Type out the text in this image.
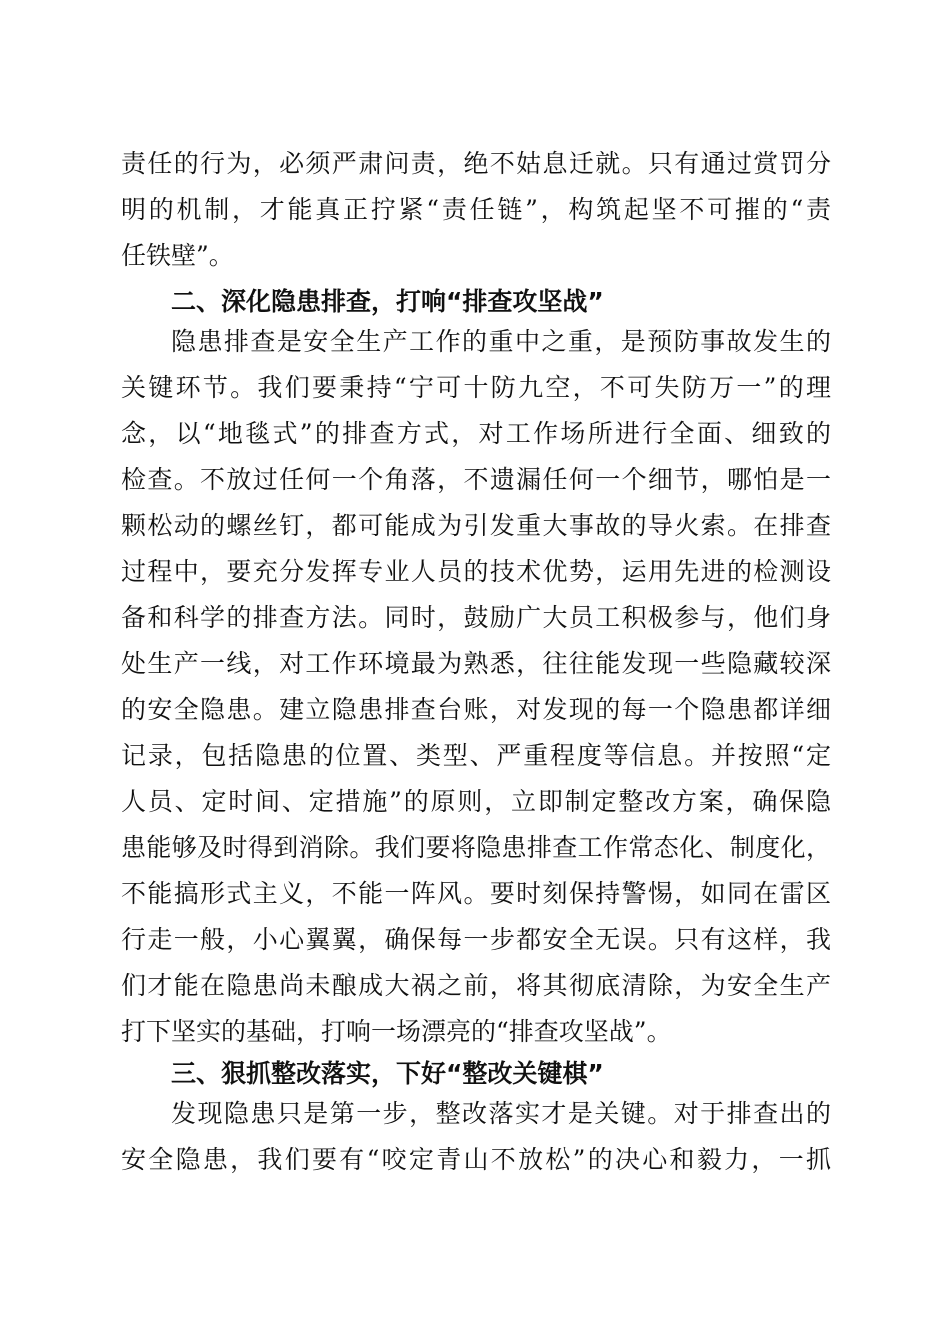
责任的行为，必须严肃问责，绝不姑息迁就。只有通过赏罚分
明的机制，才能真正拧紧“责任链”，构筑起坚不可摧的“责
任铁壁”。
二、深化隐患排查，打响“排查攻坚战”
隐患排查是安全生产工作的重中之重，是预防事故发生的
关键环节。我们要秉持“宁可十防九空，不可失防万一”的理
念，以“地毯式”的排查方式，对工作场所进行全面、细致的
检查。不放过任何一个角落，不遗漏任何一个细节，哪怕是一
颗松动的螺丝钉，都可能成为引发重大事故的导火索。在排查
过程中，要充分发挥专业人员的技术优势，运用先进的检测设
备和科学的排查方法。同时，鼓励广大员工积极参与，他们身
处生产一线，对工作环境最为熟悉，往往能发现一些隐藏较深
的安全隐患。建立隐患排查台账，对发现的每一个隐患都详细
记录，包括隐患的位置、类型、严重程度等信息。并按照“定
人员、定时间、定措施”的原则，立即制定整改方案，确保隐
患能够及时得到消除。我们要将隐患排查工作常态化、制度化，
不能搞形式主义，不能一阵风。要时刻保持警惕，如同在雷区
行走一般，小心翼翼，确保每一步都安全无误。只有这样，我
们才能在隐患尚未酿成大祸之前，将其彻底清除，为安全生产
打下坚实的基础，打响一场漂亮的“排查攻坚战”。
三、狠抓整改落实，下好“整改关键棋”
发现隐患只是第一步，整改落实才是关键。对于排查出的
安全隐患，我们要有“咬定青山不放松”的决心和毅力，一抓
